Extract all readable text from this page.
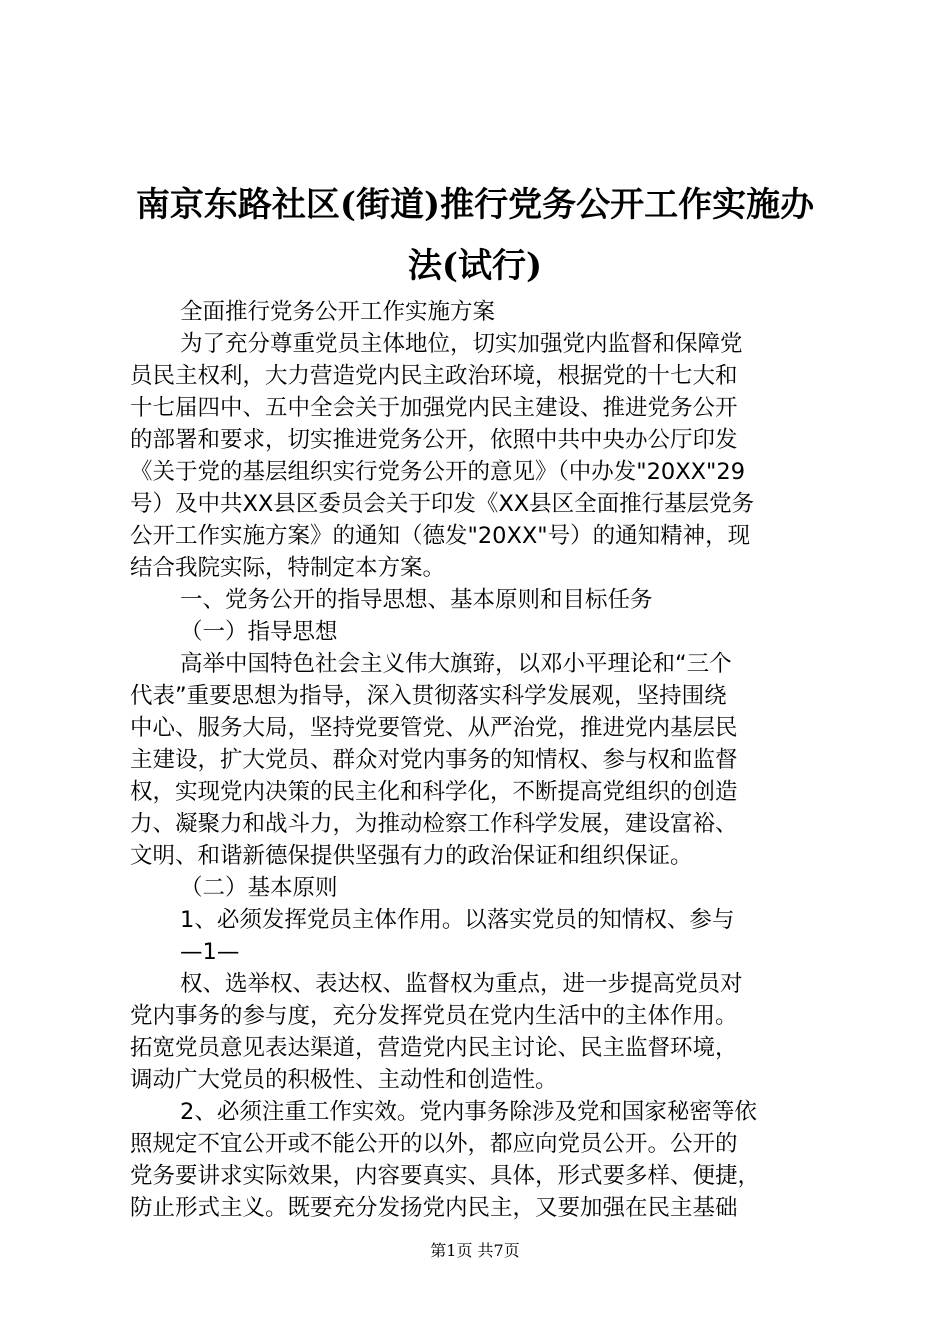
南京东路社区(街道)推行党务公开工作实施办
法(试行)

全面推行党务公开工作实施方案

为了充分尊重党员主体地位，切实加强党内监督和保障党

员民主权利，大力营造党内民主政治环境，根据党的十七大和

十七届四中、五中全会关于加强党内民主建设、推进党务公开

的部署和要求，切实推进党务公开，依照中共中央办公厅印发

《关于党的基层组织实行党务公开的意见》（中办发"20XX"29

号）及中共XX县区委员会关于印发《XX县区全面推行基层党务

公开工作实施方案》的通知（德发"20XX"号）的通知精神，现

结合我院实际，特制定本方案。

一、党务公开的指导思想、基本原则和目标任务

（一）指导思想

高举中国特色社会主义伟大旗臶，以邓小平理论和“三个

代表”重要思想为指导，深入贯彻落实科学发展观，坚持围绕

中心、服务大局，坚持党要管党、从严治党，推进党内基层民

主建设，扩大党员、群众对党内事务的知情权、参与权和监督

权，实现党内决策的民主化和科学化，不断提高党组织的创造

力、凝聚力和战斗力，为推动检察工作科学发展，建设富裕、

文明、和谐新德保提供坚强有力的政治保证和组织保证。

（二）基本原则

1、必须发挥党员主体作用。以落实党员的知情权、参与

—1—

权、选举权、表达权、监督权为重点，进一步提高党员对

党内事务的参与度，充分发挥党员在党内生活中的主体作用。

拓宽党员意见表达渠道，营造党内民主讨论、民主监督环境，

调动广大党员的积极性、主动性和创造性。

2、必须注重工作实效。党内事务除涉及党和国家秘密等依

照规定不宜公开或不能公开的以外，都应向党员公开。公开的

党务要讲求实际效果，内容要真实、具体，形式要多样、便捷，

防止形式主义。既要充分发扬党内民主，又要加强在民主基础

第1页 共7页
